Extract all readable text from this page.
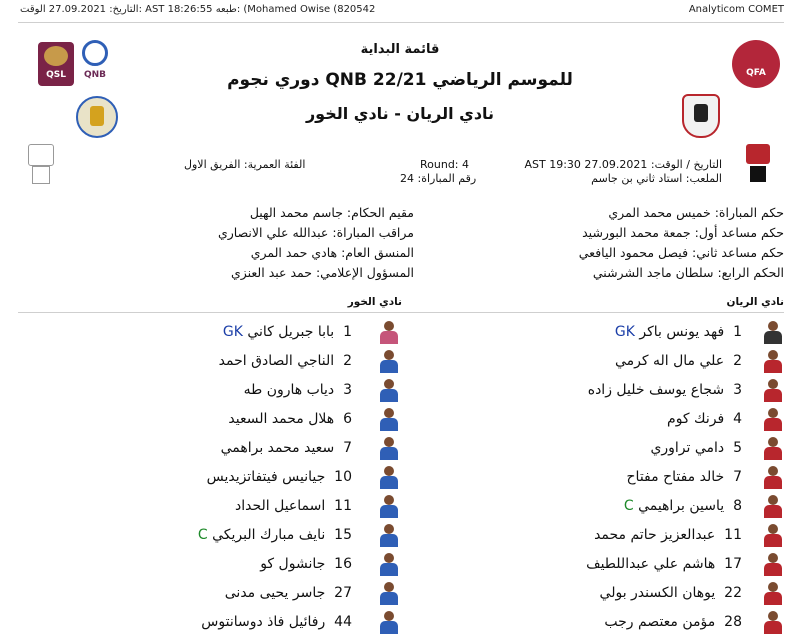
التاريخ: 27.09.2021 الوقت: AST 18:26:55 طبعه: (Mohamed Owise (820542	Analyticom COMET
QSL	QNB	QFA
قائمة البداية
دوري نجوم QNB للموسم الرياضي 22/21
نادي الريان - نادي الخور
التاريخ / الوقت: AST 19:30 27.09.2021
الملعب: استاد ثاني بن جاسم
Round: 4
رقم المباراة: 24
الفئة العمرية: الفريق الاول
حكم المباراة: خميس محمد المري
حكم مساعد أول: جمعة محمد البورشيد
حكم مساعد ثاني: فيصل محمود اليافعي
الحكم الرابع: سلطان ماجد الشرشني
مقيم الحكام: جاسم محمد الهيل
مراقب المباراة: عبدالله علي الانصاري
المنسق العام: هادي حمد المري
المسؤول الإعلامي: حمد عبد العنزي
نادي الريان
نادي الخور
1  فهد يونس باكر GK
2  علي مال اله كرمي
3  شجاع يوسف خليل زاده
4  فرنك كوم
5  دامي تراوري
7  خالد مفتاح مفتاح
8  ياسين براهيمي C
11  عبدالعزيز حاتم محمد
17  هاشم علي عبداللطيف
22  يوهان الكسندر بولي
28  مؤمن معتصم رجب
1  بابا جبريل كاني GK
2  الناجي الصادق احمد
3  دياب هارون طه
6  هلال محمد السعيد
7  سعيد محمد براهمي
10  جيانيس فيتفاتزيديس
11  اسماعيل الحداد
15  نايف مبارك البريكي C
16  جانشول كو
27  جاسر يحيى مدنى
44  رفائيل فاذ دوسانتوس
